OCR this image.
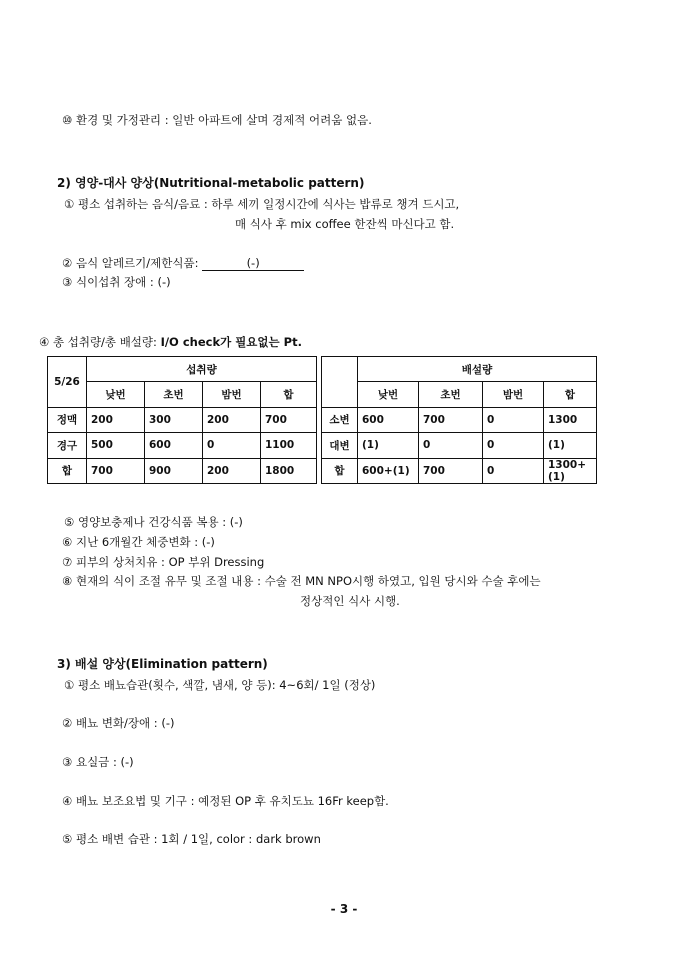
⑩ 환경 및 가정관리 : 일반 아파트에 살며 경제적 어려움 없음.
2) 영양-대사 양상(Nutritional-metabolic pattern)
① 평소 섭취하는 음식/음료 : 하루 세끼 일정시간에 식사는 밥류로 챙겨 드시고,
매 식사 후 mix coffee 한잔씩 마신다고 함.
② 음식 알레르기/제한식품:	(-)
③ 식이섭취 장애 : (-)
④ 총 섭취량/총 배설량: I/O check가 필요없는 Pt.
5/26	섭취량						배설량			
	낮번	초번	밤번	합			낮번	초번	밤번	합
정맥	200	300	200	700		소변	600	700	0	1300
경구	500	600	0	1100		대변	(1)	0	0	(1)
합	700	900	200	1800		합	600+(1)	700	0	1300+(1)
⑤ 영양보충제나 건강식품 복용 : (-)
⑥ 지난 6개월간 체중변화 : (-)
⑦ 피부의 상처치유 : OP 부위 Dressing
⑧ 현재의 식이 조절 유무 및 조절 내용 : 수술 전 MN NPO시행 하였고, 입원 당시와 수술 후에는
정상적인 식사 시행.
3) 배설 양상(Elimination pattern)
① 평소 배뇨습관(횟수, 색깔, 냄새, 양 등): 4~6회/ 1일 (정상)
② 배뇨 변화/장애 : (-)
③ 요실금 : (-)
④ 배뇨 보조요법 및 기구 : 예정된 OP 후 유치도뇨 16Fr keep함.
⑤ 평소 배변 습관 : 1회 / 1일, color : dark brown
- 3 -
